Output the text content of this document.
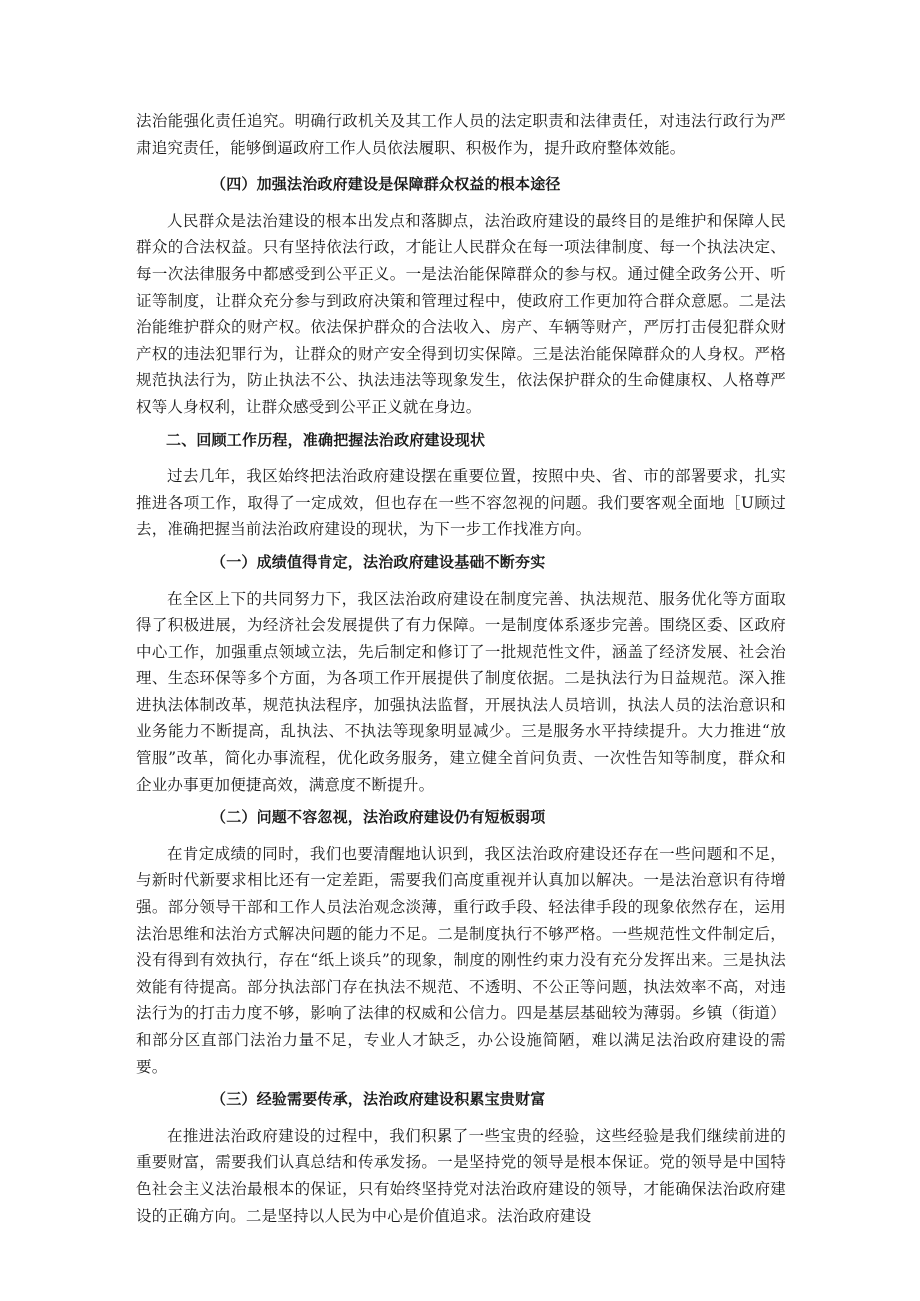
法治能强化责任追究。明确行政机关及其工作人员的法定职责和法律责任，对违法行政行为严肃追究责任，能够倒逼政府工作人员依法履职、积极作为，提升政府整体效能。

（四）加强法治政府建设是保障群众权益的根本途径

人民群众是法治建设的根本出发点和落脚点，法治政府建设的最终目的是维护和保障人民群众的合法权益。只有坚持依法行政，才能让人民群众在每一项法律制度、每一个执法决定、每一次法律服务中都感受到公平正义。一是法治能保障群众的参与权。通过健全政务公开、听证等制度，让群众充分参与到政府决策和管理过程中，使政府工作更加符合群众意愿。二是法治能维护群众的财产权。依法保护群众的合法收入、房产、车辆等财产，严厉打击侵犯群众财产权的违法犯罪行为，让群众的财产安全得到切实保障。三是法治能保障群众的人身权。严格规范执法行为，防止执法不公、执法违法等现象发生，依法保护群众的生命健康权、人格尊严权等人身权利，让群众感受到公平正义就在身边。

二、回顾工作历程，准确把握法治政府建设现状

过去几年，我区始终把法治政府建设摆在重要位置，按照中央、省、市的部署要求，扎实推进各项工作，取得了一定成效，但也存在一些不容忽视的问题。我们要客观全面地［U顾过去，准确把握当前法治政府建设的现状，为下一步工作找准方向。

（一）成绩值得肯定，法治政府建设基础不断夯实

在全区上下的共同努力下，我区法治政府建设在制度完善、执法规范、服务优化等方面取得了积极进展，为经济社会发展提供了有力保障。一是制度体系逐步完善。围绕区委、区政府中心工作，加强重点领域立法，先后制定和修订了一批规范性文件，涵盖了经济发展、社会治理、生态环保等多个方面，为各项工作开展提供了制度依据。二是执法行为日益规范。深入推进执法体制改革，规范执法程序，加强执法监督，开展执法人员培训，执法人员的法治意识和业务能力不断提高，乱执法、不执法等现象明显减少。三是服务水平持续提升。大力推进“放管服”改革，简化办事流程，优化政务服务，建立健全首问负责、一次性告知等制度，群众和企业办事更加便捷高效，满意度不断提升。

（二）问题不容忽视，法治政府建设仍有短板弱项

在肯定成绩的同时，我们也要清醒地认识到，我区法治政府建设还存在一些问题和不足，与新时代新要求相比还有一定差距，需要我们高度重视并认真加以解决。一是法治意识有待增强。部分领导干部和工作人员法治观念淡薄，重行政手段、轻法律手段的现象依然存在，运用法治思维和法治方式解决问题的能力不足。二是制度执行不够严格。一些规范性文件制定后，没有得到有效执行，存在“纸上谈兵”的现象，制度的刚性约束力没有充分发挥出来。三是执法效能有待提高。部分执法部门存在执法不规范、不透明、不公正等问题，执法效率不高，对违法行为的打击力度不够，影响了法律的权威和公信力。四是基层基础较为薄弱。乡镇（街道）和部分区直部门法治力量不足，专业人才缺乏，办公设施简陋，难以满足法治政府建设的需要。

（三）经验需要传承，法治政府建设积累宝贵财富

在推进法治政府建设的过程中，我们积累了一些宝贵的经验，这些经验是我们继续前进的重要财富，需要我们认真总结和传承发扬。一是坚持党的领导是根本保证。党的领导是中国特色社会主义法治最根本的保证，只有始终坚持党对法治政府建设的领导，才能确保法治政府建设的正确方向。二是坚持以人民为中心是价值追求。法治政府建设
